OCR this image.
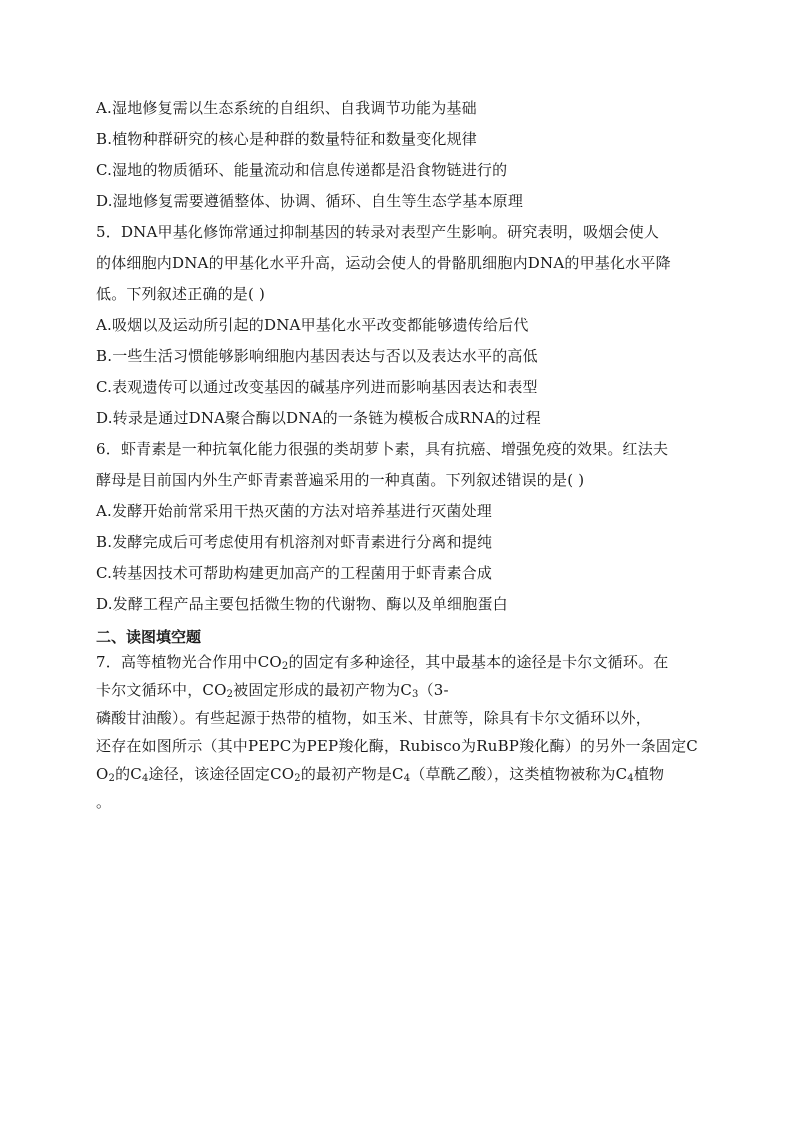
A.湿地修复需以生态系统的自组织、自我调节功能为基础
B.植物种群研究的核心是种群的数量特征和数量变化规律
C.湿地的物质循环、能量流动和信息传递都是沿食物链进行的
D.湿地修复需要遵循整体、协调、循环、自生等生态学基本原理
5．DNA甲基化修饰常通过抑制基因的转录对表型产生影响。研究表明，吸烟会使人
的体细胞内DNA的甲基化水平升高，运动会使人的骨骼肌细胞内DNA的甲基化水平降
低。下列叙述正确的是( )
A.吸烟以及运动所引起的DNA甲基化水平改变都能够遗传给后代
B.一些生活习惯能够影响细胞内基因表达与否以及表达水平的高低
C.表观遗传可以通过改变基因的碱基序列进而影响基因表达和表型
D.转录是通过DNA聚合酶以DNA的一条链为模板合成RNA的过程
6．虾青素是一种抗氧化能力很强的类胡萝卜素，具有抗癌、增强免疫的效果。红法夫
酵母是目前国内外生产虾青素普遍采用的一种真菌。下列叙述错误的是( )
A.发酵开始前常采用干热灭菌的方法对培养基进行灭菌处理
B.发酵完成后可考虑使用有机溶剂对虾青素进行分离和提纯
C.转基因技术可帮助构建更加高产的工程菌用于虾青素合成
D.发酵工程产品主要包括微生物的代谢物、酶以及单细胞蛋白
二、读图填空题
7．高等植物光合作用中$CO_2$的固定有多种途径，其中最基本的途径是卡尔文循环。在
卡尔文循环中，$CO_2$被固定形成的最初产物为$C_3(3-$
磷酸甘油酸）。有些起源于热带的植物，如玉米、甘蔗等，除具有卡尔文循环以外，
还存在如图所示（其中PEPC为PEP羧化酶，Rubisco为RuBP羧化酶）的另外一条固定C
$O_2$的$C_4$途径，该途径固定$CO_2$的最初产物是$C_4$（草酰乙酸），这类植物被称为$C_4$植物
。
